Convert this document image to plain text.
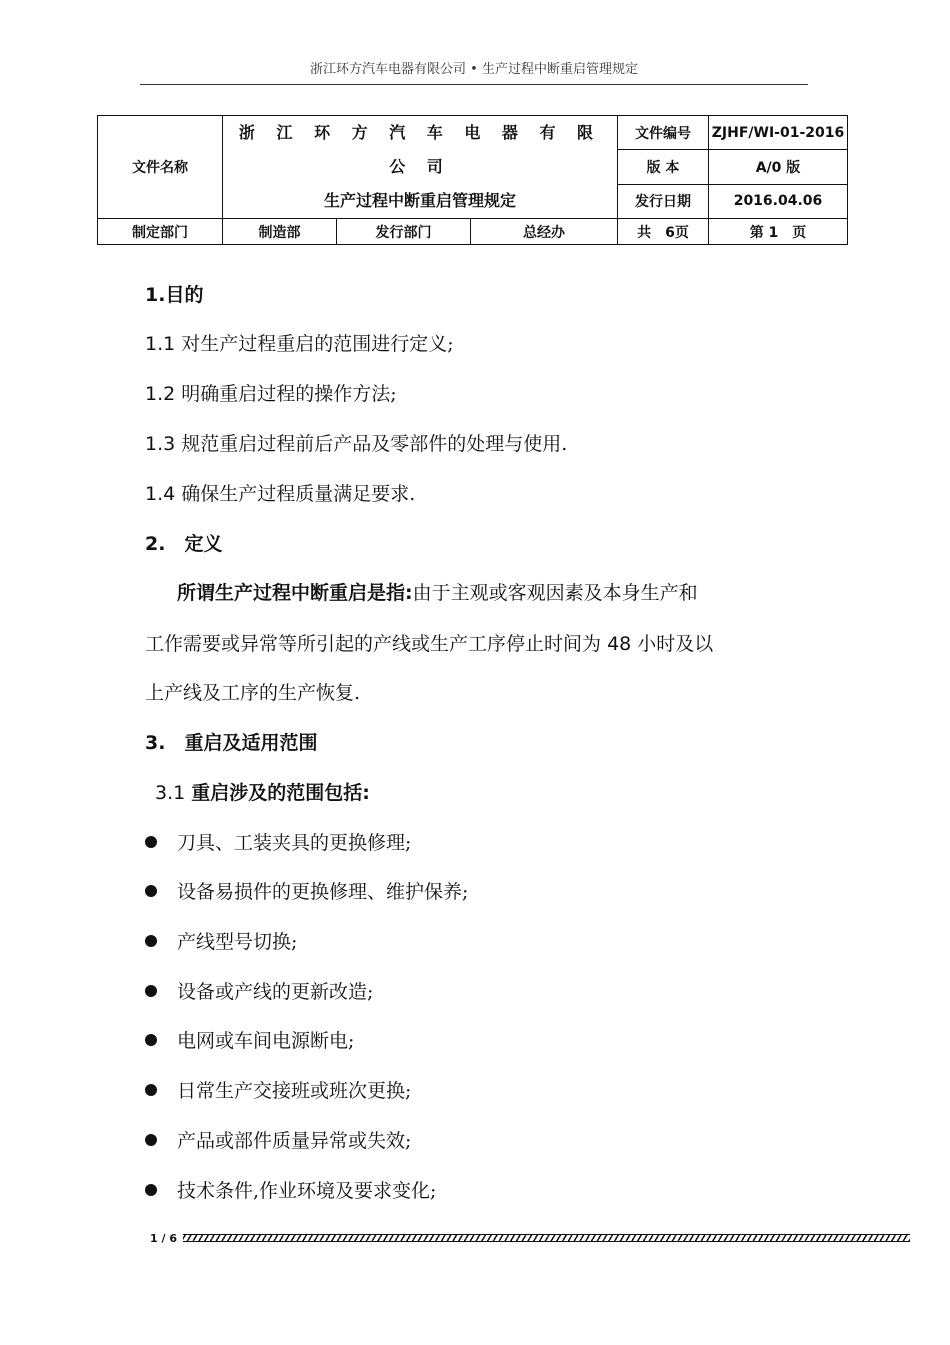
浙江环方汽车电器有限公司 • 生产过程中断重启管理规定
文件名称	浙 江 环 方 汽 车 电 器 有 限 公 司
生产过程中断重启管理规定			文件编号	ZJHF/WI-01-2016
				版 本	A/0 版
				发行日期	2016.04.06
制定部门	制造部	发行部门	总经办	共　6页	第 1　页
1.目的
1.1 对生产过程重启的范围进行定义;
1.2 明确重启过程的操作方法;
1.3 规范重启过程前后产品及零部件的处理与使用.
1.4 确保生产过程质量满足要求.
2.　定义
所谓生产过程中断重启是指:由于主观或客观因素及本身生产和
工作需要或异常等所引起的产线或生产工序停止时间为 48 小时及以
上产线及工序的生产恢复.
3.　重启及适用范围
3.1 重启涉及的范围包括:
刀具、工装夹具的更换修理;
设备易损件的更换修理、维护保养;
产线型号切换;
设备或产线的更新改造;
电网或车间电源断电;
日常生产交接班或班次更换;
产品或部件质量异常或失效;
技术条件,作业环境及要求变化;
1 / 6
